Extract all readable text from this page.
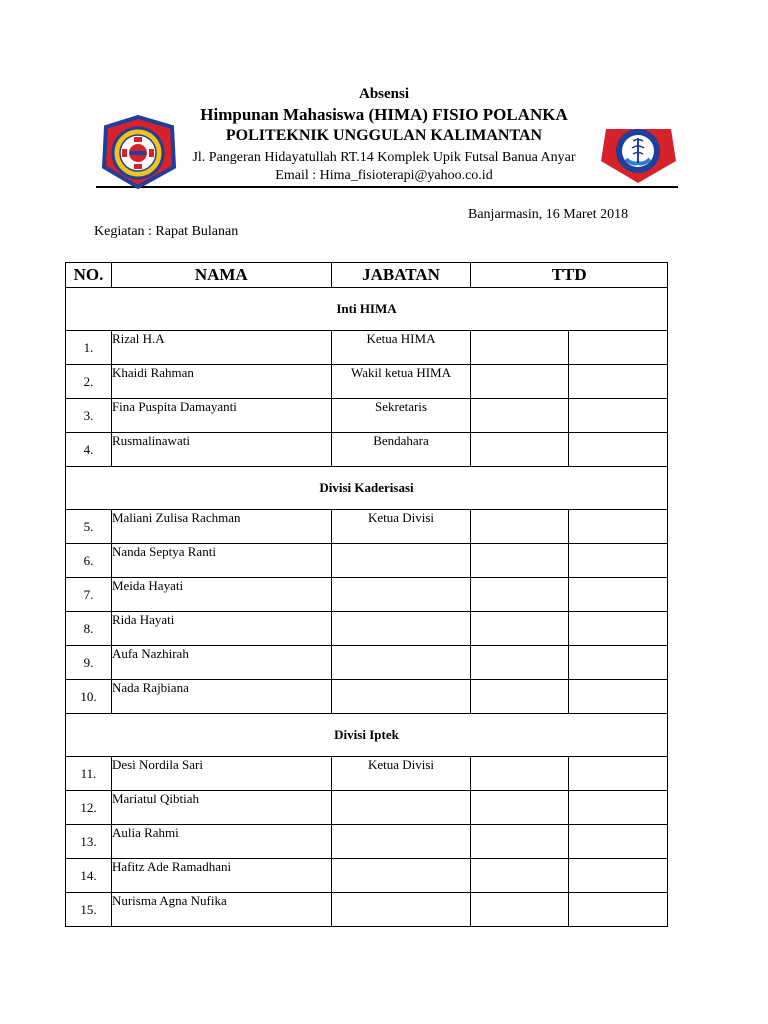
Absensi
Himpunan Mahasiswa (HIMA) FISIO POLANKA
POLITEKNIK UNGGULAN KALIMANTAN
Jl. Pangeran Hidayatullah RT.14 Komplek Upik Futsal Banua Anyar
Email : Hima_fisioterapi@yahoo.co.id
Banjarmasin, 16 Maret 2018
Kegiatan : Rapat Bulanan
NO.	NAMA	JABATAN	TTD	
Inti HIMA				
1.	Rizal H.A	Ketua HIMA		
2.	Khaidi Rahman	Wakil ketua HIMA		
3.	Fina Puspita Damayanti	Sekretaris		
4.	Rusmalinawati	Bendahara		
Divisi Kaderisasi				
5.	Maliani Zulisa Rachman	Ketua Divisi		
6.	Nanda Septya Ranti			
7.	Meida Hayati			
8.	Rida Hayati			
9.	Aufa Nazhirah			
10.	Nada Rajbiana			
Divisi Iptek				
11.	Desi Nordila Sari	Ketua Divisi		
12.	Mariatul Qibtiah			
13.	Aulia Rahmi			
14.	Hafitz Ade Ramadhani			
15.	Nurisma Agna Nufika			
